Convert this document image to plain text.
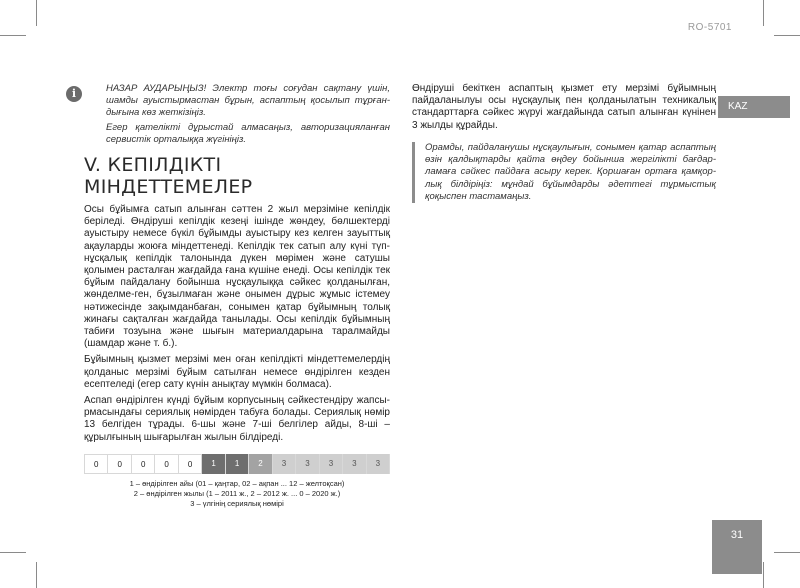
RO-5701
KAZ
31
i	НАЗАР АУДАРЫҢЫЗ! Электр тоғы соғудан сақтану үшін, шамды ауыстырмастан бұрын, аспаптың қосылып тұрған-дығына көз жеткізіңіз.

Егер қателікті дұрыстай алмасаңыз, авторизацияланған сервистік орталыққа жүгініңіз.

V. КЕПІЛДІКТІ МІНДЕТТЕМЕЛЕР

Осы бұйымға сатып алынған сәттен 2 жыл мерзіміне кепілдік беріледі. Өндіруші кепілдік кезеңі ішінде жөндеу, бөлшектерді ауыстыру немесе бүкіл бұйымды ауыстыру кез келген зауыттық ақауларды жоюға міндеттенеді. Кепілдік тек сатып алу күні түп-нұсқалық кепілдік талонында дүкен мөрімен және сатушы қолымен расталған жағдайда ғана күшіне енеді. Осы кепілдік тек бұйым пайдалану бойынша нұсқаулыққа сәйкес қолданылған, жөнделме-ген, бұзылмаған және онымен дұрыс жұмыс істемеу нәтижесінде зақымданбаған, сонымен қатар бұйымның толық жинағы сақталған жағдайда танылады. Осы кепілдік бұйымның табиғи тозуына және шығын материалдарына таралмайды (шамдар және т. б.).

Бұйымның қызмет мерзімі мен оған кепілдікті міндеттемелердің қолданыс мерзімі бұйым сатылған немесе өндірілген кезден есептеледі (егер сату күнін анықтау мүмкін болмаса).

Аспап өндірілген күнді бұйым корпусының сәйкестендіру жапсы-рмасындағы сериялық нөмірден табуға болады. Сериялық нөмір 13 белгіден тұрады. 6-шы және 7-ші белгілер айды, 8-ші – құрылғының шығарылған жылын білдіреді.

0	0	0	0	0	1	1	2	3	3	3	3	3
1 – өндірілген айы (01 – қаңтар, 02 – ақпан ... 12 – желтоқсан)
2 – өндірілген жылы (1 – 2011 ж., 2 – 2012 ж. ... 0 – 2020 ж.)
3 – үлгінің сериялық нөмірі

Өндіруші бекіткен аспаптың қызмет ету мерзімі бұйымның пайдаланылуы осы нұсқаулық пен қолданылатын техникалық стандарттарға сәйкес жүруі жағдайында сатып алынған күнінен 3 жылды құрайды.

Орамды, пайдаланушы нұсқаулығын, сонымен қатар аспаптың өзін қалдықтарды қайта өңдеу бойынша жергілікті бағдар-ламаға сәйкес пайдаға асыру керек. Қоршаған ортаға қамқор-лық білдіріңіз: мұндай бұйымдарды әдеттегі тұрмыстық қоқыспен тастамаңыз.
